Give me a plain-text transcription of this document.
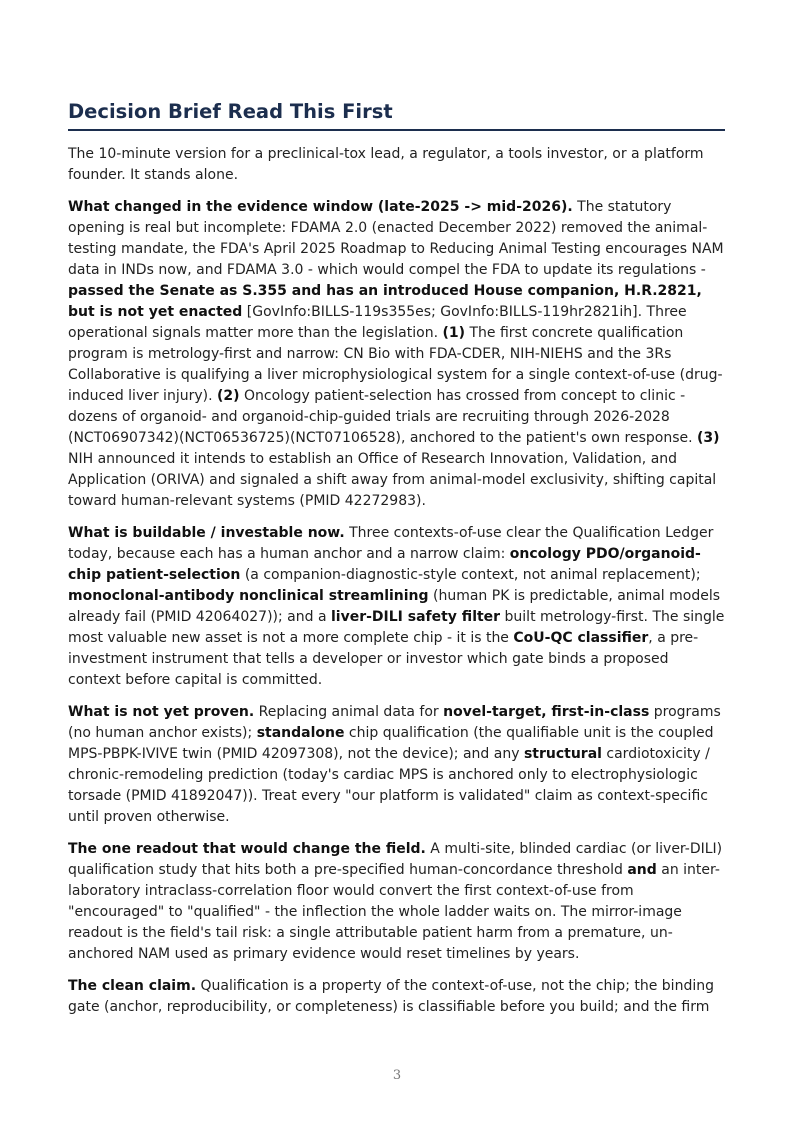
Decision Brief Read This First

The 10-minute version for a preclinical-tox lead, a regulator, a tools investor, or a platform founder. It stands alone.

What changed in the evidence window (late-2025 -> mid-2026). The statutory opening is real but incomplete: FDAMA 2.0 (enacted December 2022) removed the animal-testing mandate, the FDA's April 2025 Roadmap to Reducing Animal Testing encourages NAM data in INDs now, and FDAMA 3.0 - which would compel the FDA to update its regulations - passed the Senate as S.355 and has an introduced House companion, H.R.2821, but is not yet enacted [GovInfo:BILLS-119s355es; GovInfo:BILLS-119hr2821ih]. Three operational signals matter more than the legislation. (1) The first concrete qualification program is metrology-first and narrow: CN Bio with FDA-CDER, NIH-NIEHS and the 3Rs Collaborative is qualifying a liver microphysiological system for a single context-of-use (drug-induced liver injury). (2) Oncology patient-selection has crossed from concept to clinic - dozens of organoid- and organoid-chip-guided trials are recruiting through 2026-2028 (NCT06907342)(NCT06536725)(NCT07106528), anchored to the patient's own response. (3) NIH announced it intends to establish an Office of Research Innovation, Validation, and Application (ORIVA) and signaled a shift away from animal-model exclusivity, shifting capital toward human-relevant systems (PMID 42272983).

What is buildable / investable now. Three contexts-of-use clear the Qualification Ledger today, because each has a human anchor and a narrow claim: oncology PDO/organoid-chip patient-selection (a companion-diagnostic-style context, not animal replacement); monoclonal-antibody nonclinical streamlining (human PK is predictable, animal models already fail (PMID 42064027)); and a liver-DILI safety filter built metrology-first. The single most valuable new asset is not a more complete chip - it is the CoU-QC classifier, a pre-investment instrument that tells a developer or investor which gate binds a proposed context before capital is committed.

What is not yet proven. Replacing animal data for novel-target, first-in-class programs (no human anchor exists); standalone chip qualification (the qualifiable unit is the coupled MPS-PBPK-IVIVE twin (PMID 42097308), not the device); and any structural cardiotoxicity / chronic-remodeling prediction (today's cardiac MPS is anchored only to electrophysiologic torsade (PMID 41892047)). Treat every "our platform is validated" claim as context-specific until proven otherwise.

The one readout that would change the field. A multi-site, blinded cardiac (or liver-DILI) qualification study that hits both a pre-specified human-concordance threshold and an inter-laboratory intraclass-correlation floor would convert the first context-of-use from "encouraged" to "qualified" - the inflection the whole ladder waits on. The mirror-image readout is the field's tail risk: a single attributable patient harm from a premature, un-anchored NAM used as primary evidence would reset timelines by years.

The clean claim. Qualification is a property of the context-of-use, not the chip; the binding gate (anchor, reproducibility, or completeness) is classifiable before you build; and the firm

3
